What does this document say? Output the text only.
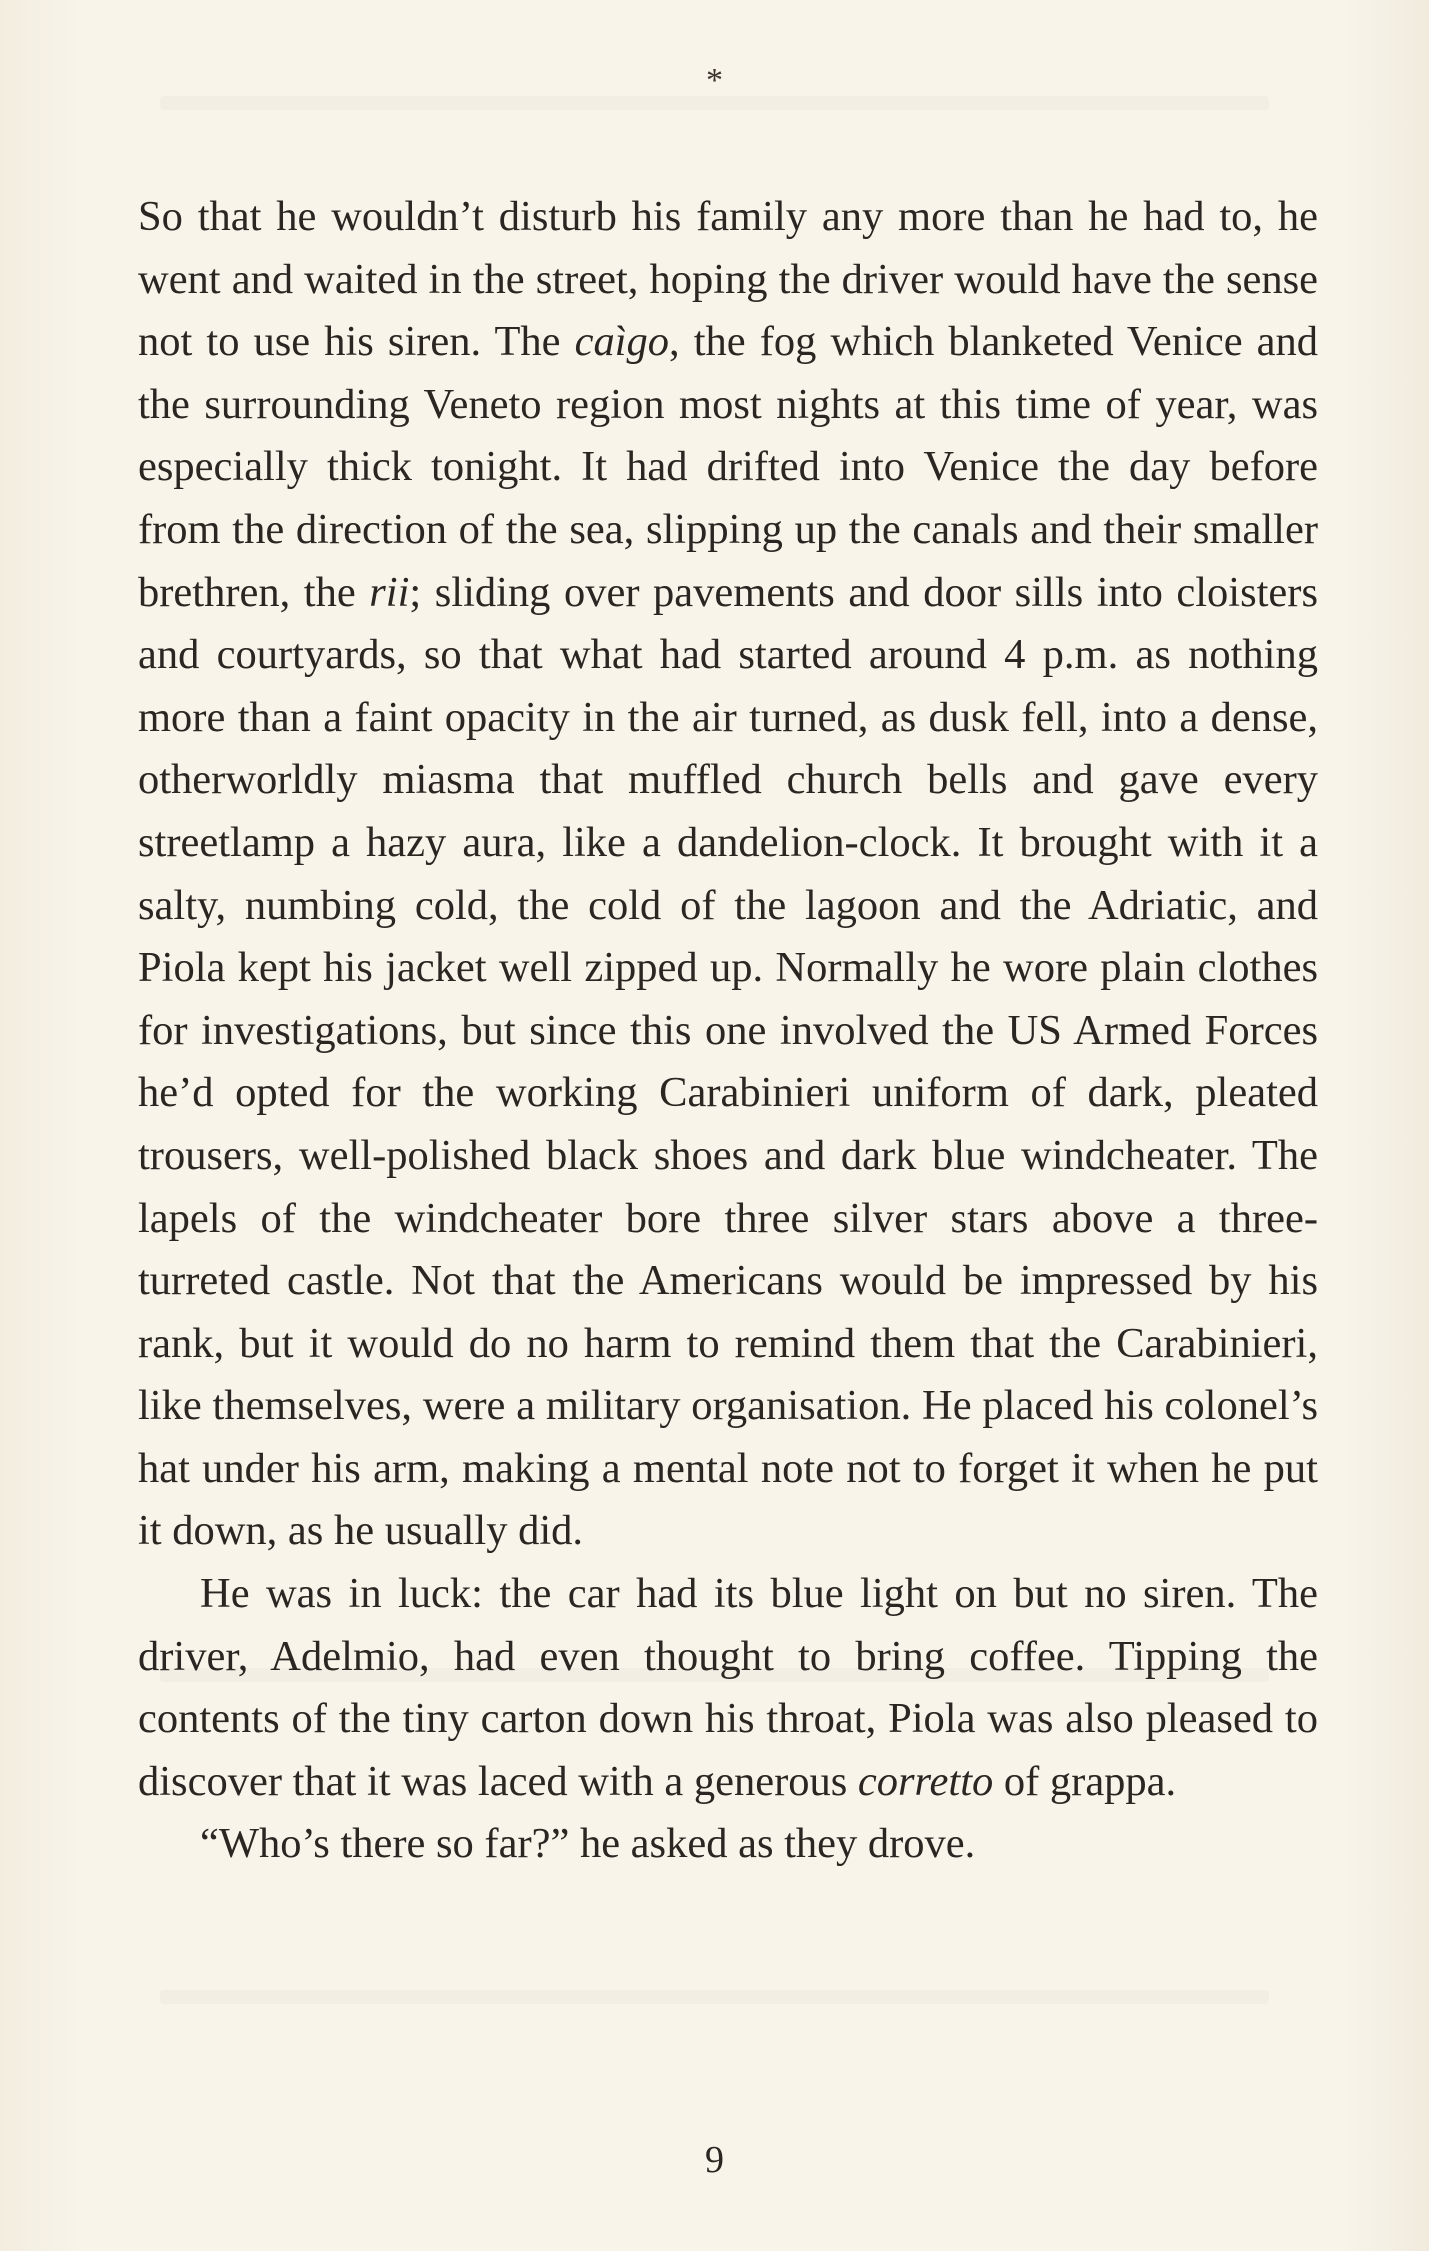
*

So that he wouldn’t disturb his family any more than he had to, he went and waited in the street, hoping the driver would have the sense not to use his siren. The caìgo, the fog which blanketed Venice and the surrounding Veneto region most nights at this time of year, was especially thick tonight. It had drifted into Venice the day before from the direction of the sea, slipping up the canals and their smaller brethren, the rii; sliding over pavements and door sills into cloisters and courtyards, so that what had started around 4 p.m. as nothing more than a faint opacity in the air turned, as dusk fell, into a dense, otherworldly miasma that muffled church bells and gave every streetlamp a hazy aura, like a dandelion-clock. It brought with it a salty, numbing cold, the cold of the lagoon and the Adriatic, and Piola kept his jacket well zipped up. Normally he wore plain clothes for investigations, but since this one involved the US Armed Forces he’d opted for the working Carabinieri uniform of dark, pleated trousers, well-polished black shoes and dark blue windcheater. The lapels of the windcheater bore three silver stars above a three-turreted castle. Not that the Americans would be impressed by his rank, but it would do no harm to remind them that the Carabinieri, like themselves, were a military organisation. He placed his colonel’s hat under his arm, making a mental note not to forget it when he put it down, as he usually did.

He was in luck: the car had its blue light on but no siren. The driver, Adelmio, had even thought to bring coffee. Tipping the contents of the tiny carton down his throat, Piola was also pleased to discover that it was laced with a generous corretto of grappa.

“Who’s there so far?” he asked as they drove.

9
